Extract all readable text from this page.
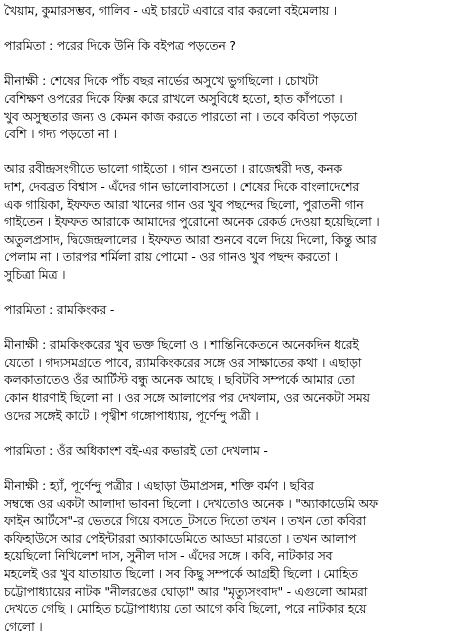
খৈয়াম, কুমারসম্ভব, গালিব - এই চারটে এবারে বার করলো বইমেলায় ।
পারমিতা : পরের দিকে উনি কি বইপত্র পড়তেন ?
মীনাক্ষী : শেষের দিকে পাঁচ বছর নার্ভের অসুখে ভুগছিলো । চোখটা
বেশিক্ষণ ওপরের দিকে ফিক্স করে রাখলে অসুবিধে হতো, হাত কাঁপতো ।
খুব অসুস্থতার জন্য ও কেমন কাজ করতে পারতো না । তবে কবিতা পড়তো
বেশি । গদ্য পড়তো না ।
আর রবীন্দ্রসংগীতে ভালো গাইতো । গান শুনতো । রাজেশ্বরী দত্ত, কনক
দাশ, দেবব্রত বিশ্বাস - এঁদের গান ভালোবাসতো । শেষের দিকে বাংলাদেশের
এক গায়িকা, ইফফত আরা খানের গান ওর খুব পছন্দের ছিলো, পুরাতনী গান
গাইতেন । ইফফত আরাকে আমাদের পুরোনো অনেক রেকর্ড দেওয়া হয়েছিলো ।
অতুলপ্রসাদ, দ্বিজেন্দ্রলালের । ইফফত আরা শুনবে বলে দিয়ে দিলো, কিন্তু আর
পেলাম না । তারপর শর্মিলা রায় পোমো - ওর গানও খুব পছন্দ করতো ।
সুচিত্রা মিত্র ।
পারমিতা : রামকিংকর -
মীনাক্ষী : রামকিংকরের খুব ভক্ত ছিলো ও । শান্তিনিকেতনে অনেকদিন ধরেই
যেতো । গদ্যসমগ্রতে পাবে, র‍্যামকিংকরের সঙ্গে ওর সাক্ষাতের কথা । এছাড়া
কলকাতাতেও ওঁর আর্টিস্ট বন্ধু অনেক আছে । ছবিটবি সম্পর্কে আমার তো
কোন ধারণাই ছিলো না । ওর সঙ্গে আলাপের পর দেখলাম, ওর অনেকটা সময়
ওদের সঙ্গেই কাটে । পৃথ্বীশ গঙ্গোপাধ্যায়, পূর্ণেন্দু পত্রী ।
পারমিতা : ওঁর অধিকাংশ বই-এর কভারই তো দেখলাম -
মীনাক্ষী : হ্যাঁ, পূর্ণেন্দু পত্রীর । এছাড়া উমাপ্রসন্ন, শক্তি বর্মণ । ছবির
সম্বন্ধে ওর একটা আলাদা ভাবনা ছিলো । দেখতোও অনেক । "অ্যাকাডেমি অফ
ফাইন আর্টসে"-র ভেতরে গিয়ে বসতে_টসতে দিতো তখন । তখন তো কবিরা
কফিহাউসে আর পেইন্টাররা অ্যাকাডেমিতে আড্ডা মারতো । তখন আলাপ
হয়েছিলো নিখিলেশ দাস, সুনীল দাস - এঁদের সঙ্গে । কবি, নাটকার সব
মহলেই ওর খুব যাতায়াত ছিলো । সব কিছু সম্পর্কে আগ্রহী ছিলো । মোহিত
চট্টোপাধ্যায়ের নাটক "নীলরঙের ঘোড়া" আর "মৃত্যুসংবাদ" - এগুলো আমরা
দেখতে গেছি । মোহিত চট্টোপাধ্যায় তো আগে কবি ছিলো, পরে নাটকার হয়ে
গেলো ।
